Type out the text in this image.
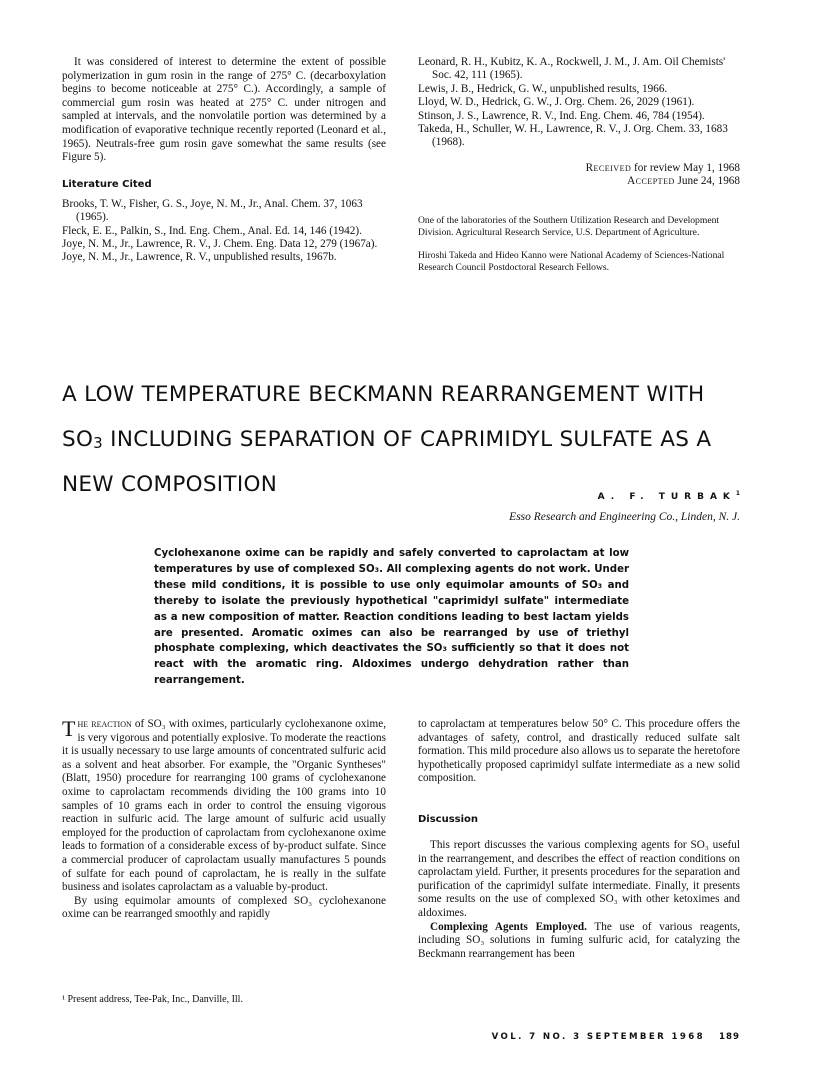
It was considered of interest to determine the extent of possible polymerization in gum rosin in the range of 275° C. (decarboxylation begins to become noticeable at 275° C.). Accordingly, a sample of commercial gum rosin was heated at 275° C. under nitrogen and sampled at intervals, and the nonvolatile portion was determined by a modification of evaporative technique recently reported (Leonard et al., 1965). Neutrals-free gum rosin gave somewhat the same results (see Figure 5).

Literature Cited

Brooks, T. W., Fisher, G. S., Joye, N. M., Jr., Anal. Chem. 37, 1063 (1965).

Fleck, E. E., Palkin, S., Ind. Eng. Chem., Anal. Ed. 14, 146 (1942).

Joye, N. M., Jr., Lawrence, R. V., J. Chem. Eng. Data 12, 279 (1967a).

Joye, N. M., Jr., Lawrence, R. V., unpublished results, 1967b.

Leonard, R. H., Kubitz, K. A., Rockwell, J. M., J. Am. Oil Chemists' Soc. 42, 111 (1965).

Lewis, J. B., Hedrick, G. W., unpublished results, 1966.

Lloyd, W. D., Hedrick, G. W., J. Org. Chem. 26, 2029 (1961).

Stinson, J. S., Lawrence, R. V., Ind. Eng. Chem. 46, 784 (1954).

Takeda, H., Schuller, W. H., Lawrence, R. V., J. Org. Chem. 33, 1683 (1968).

Received for review May 1, 1968
Accepted June 24, 1968

One of the laboratories of the Southern Utilization Research and Development Division. Agricultural Research Service, U.S. Department of Agriculture.

Hiroshi Takeda and Hideo Kanno were National Academy of Sciences-National Research Council Postdoctoral Research Fellows.

A LOW TEMPERATURE BECKMANN REARRANGEMENT WITH
$SO_3$ INCLUDING SEPARATION OF CAPRIMIDYL SULFATE AS A
NEW COMPOSITION	A. F. TURBAK$^1$
Esso Research and Engineering Co., Linden, N. J.

Cyclohexanone oxime can be rapidly and safely converted to caprolactam at low temperatures by use of complexed SO₃. All complexing agents do not work. Under these mild conditions, it is possible to use only equimolar amounts of SO₃ and thereby to isolate the previously hypothetical "caprimidyl sulfate" intermediate as a new composition of matter. Reaction conditions leading to best lactam yields are presented. Aromatic oximes can also be rearranged by use of triethyl phosphate complexing, which deactivates the SO₃ sufficiently so that it does not react with the aromatic ring. Aldoximes undergo dehydration rather than rearrangement.

The reaction of SO₃ with oximes, particularly cyclohexanone oxime, is very vigorous and potentially explosive. To moderate the reactions it is usually necessary to use large amounts of concentrated sulfuric acid as a solvent and heat absorber. For example, the "Organic Syntheses" (Blatt, 1950) procedure for rearranging 100 grams of cyclohexanone oxime to caprolactam recommends dividing the 100 grams into 10 samples of 10 grams each in order to control the ensuing vigorous reaction in sulfuric acid. The large amount of sulfuric acid usually employed for the production of caprolactam from cyclohexanone oxime leads to formation of a considerable excess of by-product sulfate. Since a commercial producer of caprolactam usually manufactures 5 pounds of sulfate for each pound of caprolactam, he is really in the sulfate business and isolates caprolactam as a valuable by-product.

By using equimolar amounts of complexed SO₃ cyclohexanone oxime can be rearranged smoothly and rapidly

¹ Present address, Tee-Pak, Inc., Danville, Ill.

to caprolactam at temperatures below 50° C. This procedure offers the advantages of safety, control, and drastically reduced sulfate salt formation. This mild procedure also allows us to separate the heretofore hypothetically proposed caprimidyl sulfate intermediate as a new solid composition.

Discussion

This report discusses the various complexing agents for SO₃ useful in the rearrangement, and describes the effect of reaction conditions on caprolactam yield. Further, it presents procedures for the separation and purification of the caprimidyl sulfate intermediate. Finally, it presents some results on the use of complexed SO₃ with other ketoximes and aldoximes.

Complexing Agents Employed. The use of various reagents, including SO₃ solutions in fuming sulfuric acid, for catalyzing the Beckmann rearrangement has been

VOL. 7 NO. 3 SEPTEMBER 1968 189
